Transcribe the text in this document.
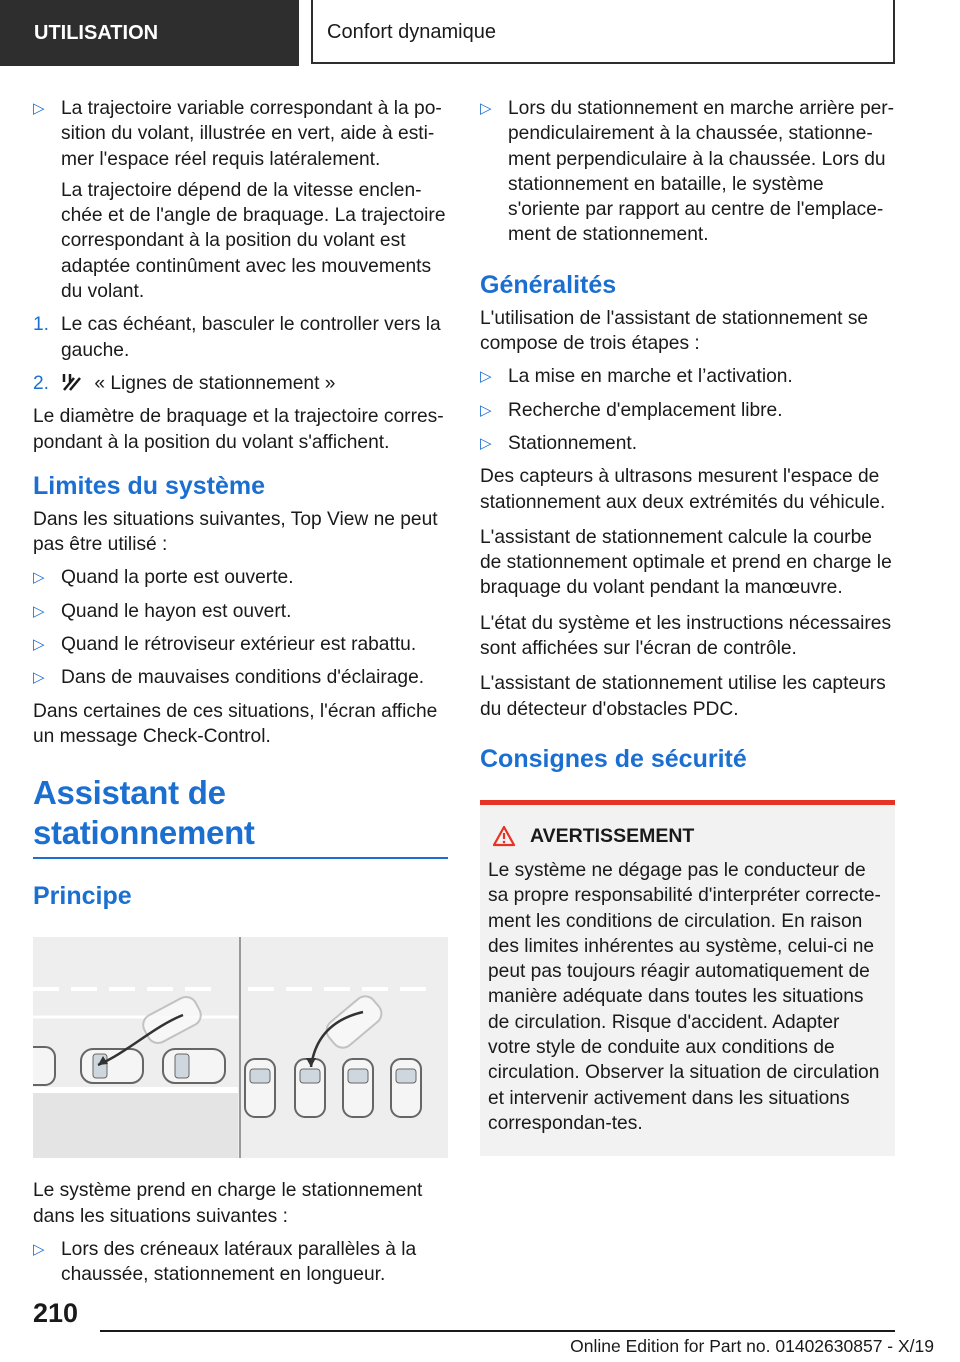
UTILISATION	Confort dynamique
▷ La trajectoire variable correspondant à la po-sition du volant, illustrée en vert, aide à esti-mer l'espace réel requis latéralement.
La trajectoire dépend de la vitesse enclen-chée et de l'angle de braquage. La trajectoire correspondant à la position du volant est adaptée continûment avec les mouvements du volant.
1. Le cas échéant, basculer le controller vers la gauche.
2. « Lignes de stationnement »

Le diamètre de braquage et la trajectoire corres-pondant à la position du volant s'affichent.

Limites du système

Dans les situations suivantes, Top View ne peut pas être utilisé :

▷ Quand la porte est ouverte.
▷ Quand le hayon est ouvert.
▷ Quand le rétroviseur extérieur est rabattu.
▷ Dans de mauvaises conditions d'éclairage.

Dans certaines de ces situations, l'écran affiche un message Check-Control.

Assistant de stationnement
Principe

Le système prend en charge le stationnement dans les situations suivantes :

▷ Lors des créneaux latéraux parallèles à la chaussée, stationnement en longueur.
▷ Lors du stationnement en marche arrière per-pendiculairement à la chaussée, stationne-ment perpendiculaire à la chaussée. Lors du stationnement en bataille, le système s'oriente par rapport au centre de l'emplace-ment de stationnement.
Généralités

L'utilisation de l'assistant de stationnement se compose de trois étapes :

▷ La mise en marche et l’activation.
▷ Recherche d'emplacement libre.
▷ Stationnement.

Des capteurs à ultrasons mesurent l'espace de stationnement aux deux extrémités du véhicule.

L'assistant de stationnement calcule la courbe de stationnement optimale et prend en charge le braquage du volant pendant la manœuvre.

L'état du système et les instructions nécessaires sont affichées sur l'écran de contrôle.

L'assistant de stationnement utilise les capteurs du détecteur d'obstacles PDC.

Consignes de sécurité
AVERTISSEMENT

Le système ne dégage pas le conducteur de sa propre responsabilité d'interpréter correcte-ment les conditions de circulation. En raison des limites inhérentes au système, celui-ci ne peut pas toujours réagir automatiquement de manière adéquate dans toutes les situations de circulation. Risque d'accident. Adapter votre style de conduite aux conditions de circulation. Observer la situation de circulation et intervenir activement dans les situations correspondan-tes.

210
Online Edition for Part no. 01402630857 - X/19
